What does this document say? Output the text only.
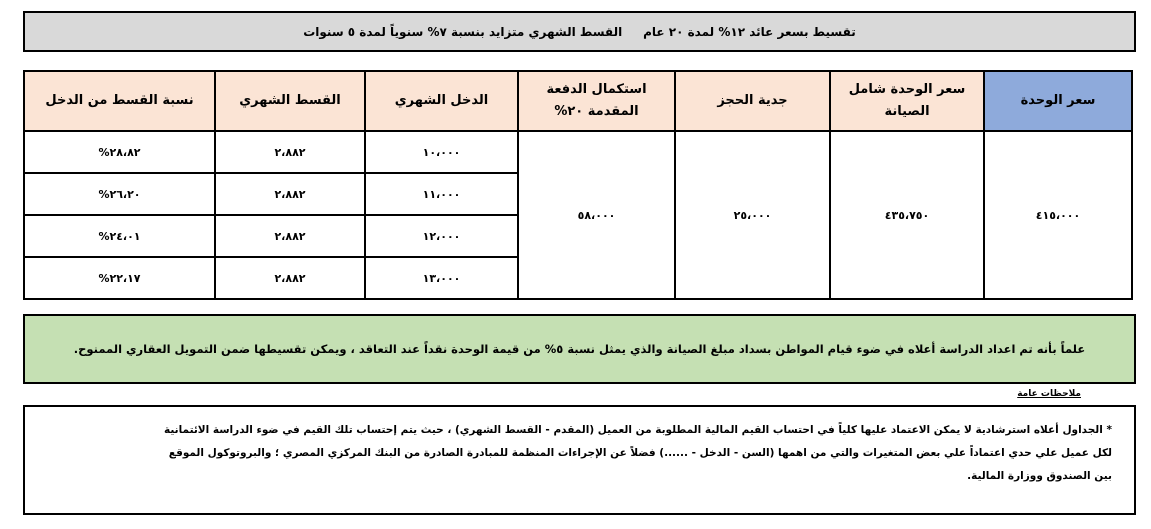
تقسيط بسعر عائد ١٢% لمدة ٢٠ عام     القسط الشهري متزايد بنسبة ٧% سنوياً لمدة ٥ سنوات
سعر الوحدة	سعر الوحدة شامل الصيانة	جدية الحجز	استكمال الدفعة المقدمة ٢٠%	الدخل الشهري	القسط الشهري	نسبة القسط من الدخل
٤١٥،٠٠٠	٤٣٥،٧٥٠	٢٥،٠٠٠	٥٨،٠٠٠	١٠،٠٠٠	٢،٨٨٢	٢٨،٨٢%
				١١،٠٠٠	٢،٨٨٢	٢٦،٢٠%
				١٢،٠٠٠	٢،٨٨٢	٢٤،٠١%
				١٣،٠٠٠	٢،٨٨٢	٢٢،١٧%
علماً بأنه تم اعداد الدراسة أعلاه في ضوء قيام المواطن بسداد مبلغ الصيانة والذي يمثل نسبة ٥% من قيمة الوحدة نقداً عند التعاقد ، ويمكن تقسيطها ضمن التمويل العقاري الممنوح.
ملاحظات عامة

* الجداول أعلاه استرشادية لا يمكن الاعتماد عليها كلياً في احتساب القيم المالية المطلوبة من العميل (المقدم - القسط الشهري) ، حيث يتم إحتساب تلك القيم في ضوء الدراسة الائتمانية

لكل عميل علي حدي اعتماداً علي بعض المتغيرات والتي من اهمها (السن - الدخل - ......) فضلاً عن الإجراءات المنظمة للمبادرة الصادرة من البنك المركزي المصري ؛ والبروتوكول الموقع

بين الصندوق ووزارة المالية.
